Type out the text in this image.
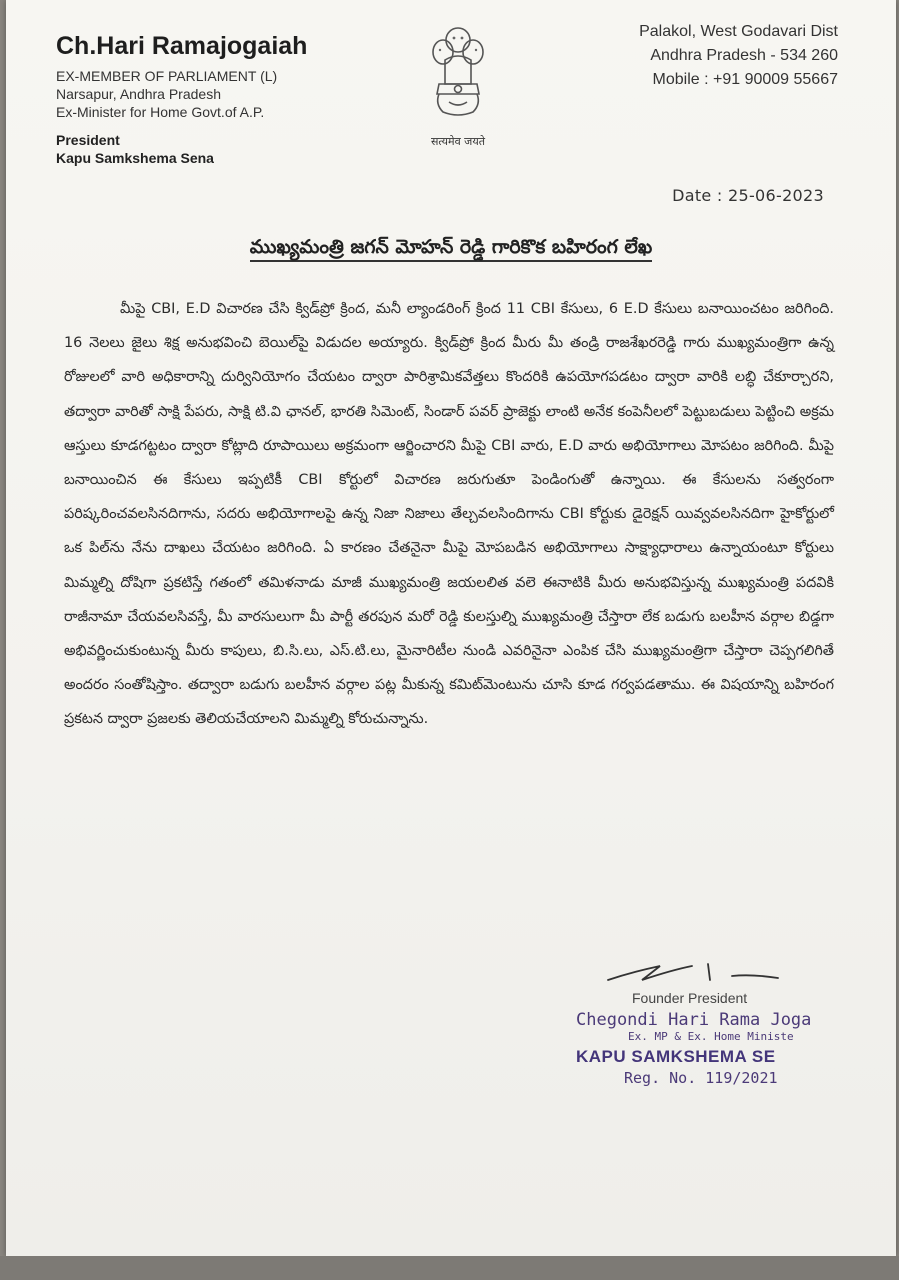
Ch.Hari Ramajogaiah
EX-MEMBER OF PARLIAMENT (L)
Narsapur, Andhra Pradesh
Ex-Minister for Home Govt.of A.P.
President
Kapu Samkshema Sena
सत्यमेव जयते
Palakol, West Godavari Dist
Andhra Pradesh - 534 260
Mobile : +91 90009 55667
Date : 25-06-2023
ముఖ్యమంత్రి జగన్ మోహన్ రెడ్డి గారికొక బహిరంగ లేఖ
మీపై CBI, E.D విచారణ చేసి క్విడ్‌ప్రో క్రింద, మనీ ల్యాండరింగ్ క్రింద 11 CBI కేసులు, 6 E.D కేసులు బనాయించటం జరిగింది. 16 నెలలు జైలు శిక్ష అనుభవించి బెయిల్‌పై విడుదల అయ్యారు. క్విడ్‌ప్రో క్రింద మీరు మీ తండ్రి రాజశేఖరరెడ్డి గారు ముఖ్యమంత్రిగా ఉన్న రోజులలో వారి అధికారాన్ని దుర్వినియోగం చేయటం ద్వారా పారిశ్రామికవేత్తలు కొందరికి ఉపయోగపడటం ద్వారా వారికి లబ్ధి చేకూర్చారని, తద్వారా వారితో సాక్షి పేపరు, సాక్షి టి.వి ఛానల్, భారతి సిమెంట్, సిండార్ పవర్ ప్రాజెక్టు లాంటి అనేక కంపెనీలలో పెట్టుబడులు పెట్టించి అక్రమ ఆస్తులు కూడగట్టటం ద్వారా కోట్లాది రూపాయిలు అక్రమంగా ఆర్జించారని మీపై CBI వారు, E.D వారు అభియోగాలు మోపటం జరిగింది. మీపై బనాయించిన ఈ కేసులు ఇప్పటికీ CBI కోర్టులో విచారణ జరుగుతూ పెండింగుతో ఉన్నాయి. ఈ కేసులను సత్వరంగా పరిష్కరించవలసినదిగాను, సదరు అభియోగాలపై ఉన్న నిజా నిజాలు తేల్చవలసిందిగాను CBI కోర్టుకు డైరెక్షన్ యివ్వవలసినదిగా హైకోర్టులో ఒక పిల్‌ను నేను దాఖలు చేయటం జరిగింది. ఏ కారణం చేతనైనా మీపై మోపబడిన అభియోగాలు సాక్ష్యాధారాలు ఉన్నాయంటూ కోర్టులు మిమ్మల్ని దోషిగా ప్రకటిస్తే గతంలో తమిళనాడు మాజీ ముఖ్యమంత్రి జయలలిత వలె ఈనాటికి మీరు అనుభవిస్తున్న ముఖ్యమంత్రి పదవికి రాజీనామా చేయవలసివస్తే, మీ వారసులుగా మీ పార్టీ తరపున మరో రెడ్డి కులస్తుల్ని ముఖ్యమంత్రి చేస్తారా లేక బడుగు బలహీన వర్గాల బిడ్డగా అభివర్ణించుకుంటున్న మీరు కాపులు, బి.సి.లు, ఎస్.టి.లు, మైనారిటీల నుండి ఎవరినైనా ఎంపిక చేసి ముఖ్యమంత్రిగా చేస్తారా చెప్పగలిగితే అందరం సంతోషిస్తాం. తద్వారా బడుగు బలహీన వర్గాల పట్ల మీకున్న కమిట్‌మెంటును చూసి కూడ గర్వపడతాము. ఈ విషయాన్ని బహిరంగ ప్రకటన ద్వారా ప్రజలకు తెలియచేయాలని మిమ్మల్ని కోరుచున్నాను.
Founder President
Chegondi Hari Rama Joga
Ex. MP & Ex. Home Ministe
KAPU SAMKSHEMA SE
Reg. No. 119/2021
